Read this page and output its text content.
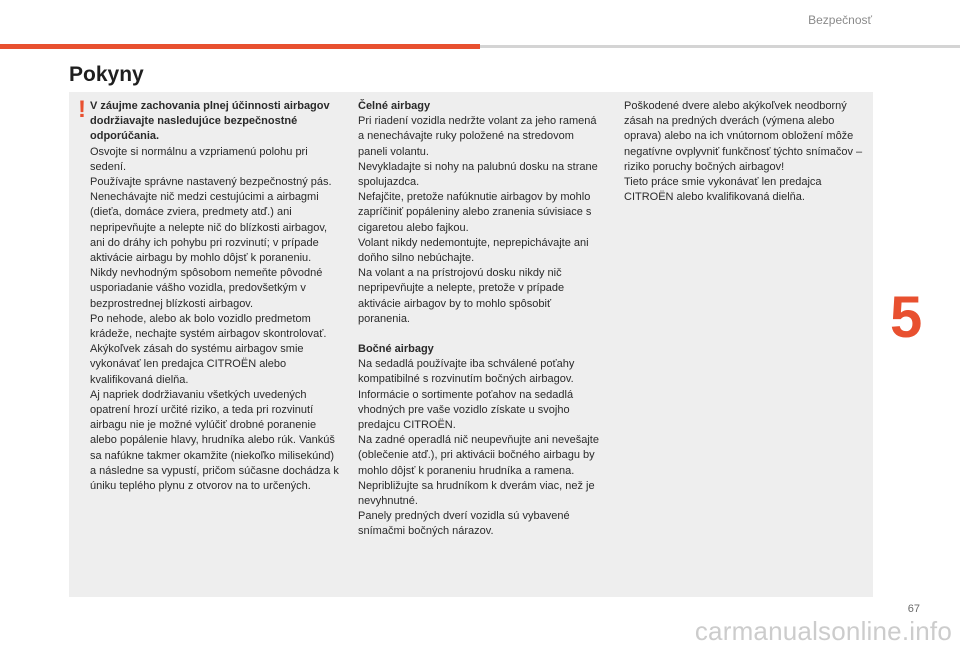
Bezpečnosť
Pokyny
! V záujme zachovania plnej účinnosti airbagov dodržiavajte nasledujúce bezpečnostné odporúčania.

Osvojte si normálnu a vzpriamenú polohu pri sedení.

Používajte správne nastavený bezpečnostný pás.

Nenechávajte nič medzi cestujúcimi a airbagmi (dieťa, domáce zviera, predmety atď.) ani nepripevňujte a nelepte nič do blízkosti airbagov, ani do dráhy ich pohybu pri rozvinutí; v prípade aktivácie airbagu by mohlo dôjsť k poraneniu.

Nikdy nevhodným spôsobom nemeňte pôvodné usporiadanie vášho vozidla, predovšetkým v bezprostrednej blízkosti airbagov.

Po nehode, alebo ak bolo vozidlo predmetom krádeže, nechajte systém airbagov skontrolovať.

Akýkoľvek zásah do systému airbagov smie vykonávať len predajca CITROËN alebo kvalifikovaná dielňa.

Aj napriek dodržiavaniu všetkých uvedených opatrení hrozí určité riziko, a teda pri rozvinutí airbagu nie je možné vylúčiť drobné poranenie alebo popálenie hlavy, hrudníka alebo rúk. Vankúš sa nafúkne takmer okamžite (niekoľko milisekúnd) a následne sa vypustí, pričom súčasne dochádza k úniku teplého plynu z otvorov na to určených.

Čelné airbagy

Pri riadení vozidla nedržte volant za jeho ramená a nenechávajte ruky položené na stredovom paneli volantu.

Nevykladajte si nohy na palubnú dosku na strane spolujazdca.

Nefajčite, pretože nafúknutie airbagov by mohlo zapríčiniť popáleniny alebo zranenia súvisiace s cigaretou alebo fajkou.

Volant nikdy nedemontujte, neprepichávajte ani doňho silno nebúchajte.

Na volant a na prístrojovú dosku nikdy nič nepripevňujte a nelepte, pretože v prípade aktivácie airbagov by to mohlo spôsobiť poranenia.

Bočné airbagy

Na sedadlá používajte iba schválené poťahy kompatibilné s rozvinutím bočných airbagov. Informácie o sortimente poťahov na sedadlá vhodných pre vaše vozidlo získate u svojho predajcu CITROËN.

Na zadné operadlá nič neupevňujte ani nevešajte (oblečenie atď.), pri aktivácii bočného airbagu by mohlo dôjsť k poraneniu hrudníka a ramena.

Nepribližujte sa hrudníkom k dverám viac, než je nevyhnutné.

Panely predných dverí vozidla sú vybavené snímačmi bočných nárazov.

Poškodené dvere alebo akýkoľvek neodborný zásah na predných dverách (výmena alebo oprava) alebo na ich vnútornom obložení môže negatívne ovplyvniť funkčnosť týchto snímačov – riziko poruchy bočných airbagov!

Tieto práce smie vykonávať len predajca CITROËN alebo kvalifikovaná dielňa.

5
67
carmanualsonline.info
